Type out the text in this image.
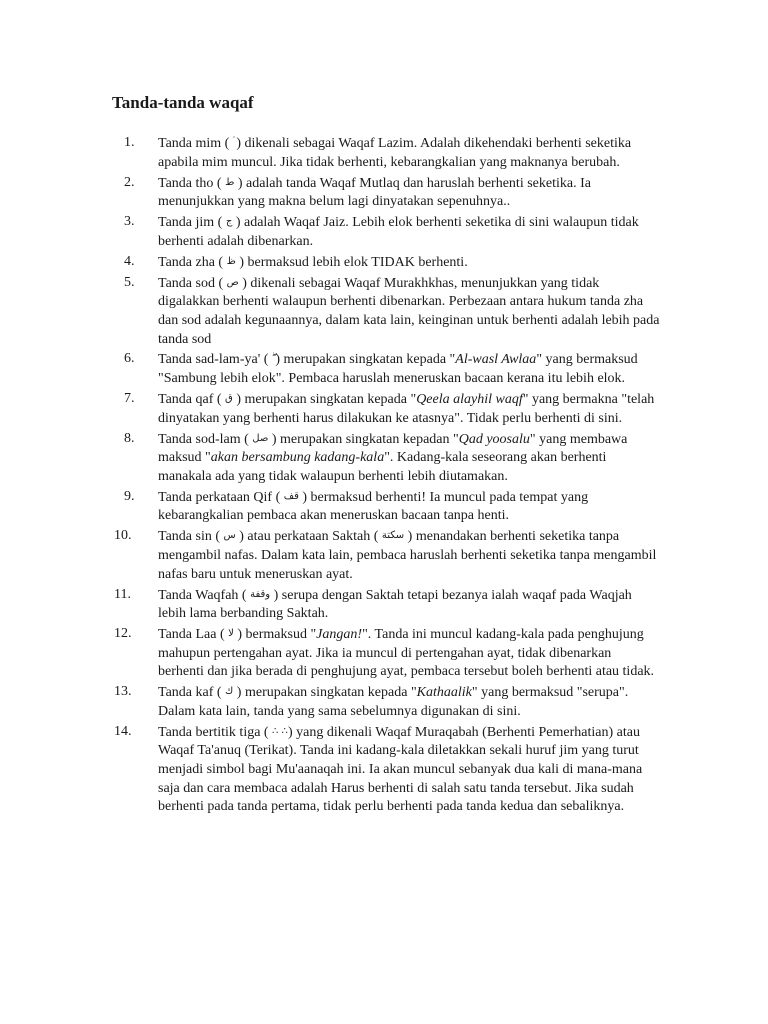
Tanda-tanda waqaf
1.	Tanda mim ( ) dikenali sebagai Waqaf Lazim. Adalah dikehendaki berhenti seketika apabila mim muncul. Jika tidak berhenti, kebarangkalian yang maknanya berubah.
2.	Tanda tho ( ط ) adalah tanda Waqaf Mutlaq dan haruslah berhenti seketika. Ia menunjukkan yang makna belum lagi dinyatakan sepenuhnya..
3.	Tanda jim ( ج ) adalah Waqaf Jaiz. Lebih elok berhenti seketika di sini walaupun tidak berhenti adalah dibenarkan.
4.	Tanda zha ( ظ ) bermaksud lebih elok TIDAK berhenti.
5.	Tanda sod ( ص ) dikenali sebagai Waqaf Murakhkhas, menunjukkan yang tidak digalakkan berhenti walaupun berhenti dibenarkan. Perbezaan antara hukum tanda zha dan sod adalah kegunaannya, dalam kata lain, keinginan untuk berhenti adalah lebih pada tanda sod
6.	Tanda sad-lam-ya' ( ) merupakan singkatan kepada "Al-wasl Awlaa" yang bermaksud "Sambung lebih elok". Pembaca haruslah meneruskan bacaan kerana itu lebih elok.
7.	Tanda qaf ( ق ) merupakan singkatan kepada "Qeela alayhil waqf" yang bermakna "telah dinyatakan yang berhenti harus dilakukan ke atasnya". Tidak perlu berhenti di sini.
8.	Tanda sod-lam ( صل ) merupakan singkatan kepadan "Qad yoosalu" yang membawa maksud "akan bersambung kadang-kala". Kadang-kala seseorang akan berhenti manakala ada yang tidak walaupun berhenti lebih diutamakan.
9.	Tanda perkataan Qif ( قف ) bermaksud berhenti! Ia muncul pada tempat yang kebarangkalian pembaca akan meneruskan bacaan tanpa henti.
10.	Tanda sin ( س ) atau perkataan Saktah ( سكتة ) menandakan berhenti seketika tanpa mengambil nafas. Dalam kata lain, pembaca haruslah berhenti seketika tanpa mengambil nafas baru untuk meneruskan ayat.
11.	Tanda Waqfah ( وقفة ) serupa dengan Saktah tetapi bezanya ialah waqaf pada Waqjah lebih lama berbanding Saktah.
12.	Tanda Laa ( لا ) bermaksud "Jangan!". Tanda ini muncul kadang-kala pada penghujung mahupun pertengahan ayat. Jika ia muncul di pertengahan ayat, tidak dibenarkan berhenti dan jika berada di penghujung ayat, pembaca tersebut boleh berhenti atau tidak.
13.	Tanda kaf ( ك ) merupakan singkatan kepada "Kathaalik" yang bermaksud "serupa". Dalam kata lain, tanda yang sama sebelumnya digunakan di sini.
14.	Tanda bertitik tiga ( ∴ ∴) yang dikenali Waqaf Muraqabah (Berhenti Pemerhatian) atau Waqaf Ta'anuq (Terikat). Tanda ini kadang-kala diletakkan sekali huruf jim yang turut menjadi simbol bagi Mu'aanaqah ini. Ia akan muncul sebanyak dua kali di mana-mana saja dan cara membaca adalah Harus berhenti di salah satu tanda tersebut. Jika sudah berhenti pada tanda pertama, tidak perlu berhenti pada tanda kedua dan sebaliknya.
